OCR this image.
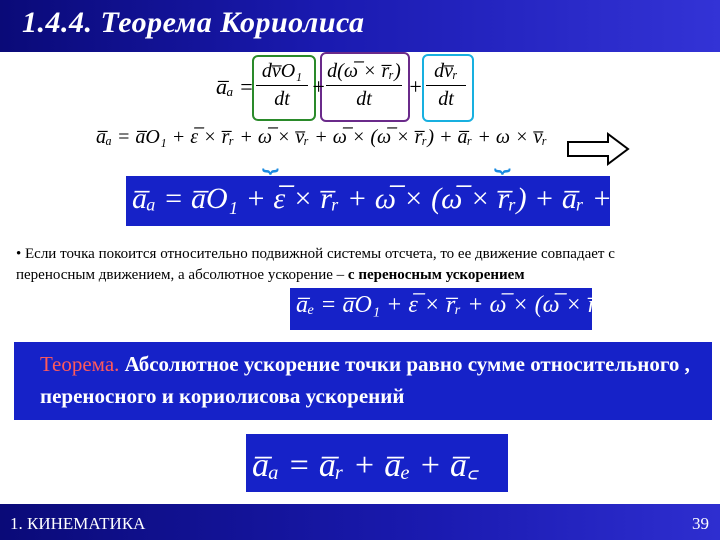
1.4.4. Теорема Кориолиса
a̅ₐ = $\frac{\text{dv̅O₁}}{dt} + \frac{\text{d(ω̅ × r̅ᵣ)}}{dt} + \frac{\text{dv̅ᵣ}}{dt}$
a̅ₐ = a̅O₁ + ε̅ × r̅ᵣ + ω̅ × v̅ᵣ + ω̅ × (ω̅ × r̅ᵣ) + a̅ᵣ + ω × v̅ᵣ
⏟	⏟
a̅ₐ = a̅O₁ + ε̅ × r̅ᵣ + ω̅ × (ω̅ × r̅ᵣ) + a̅ᵣ + 2ω̅ × v̅ᵣ
• Если точка покоится относительно подвижной системы отсчета, то ее движение совпадает с переносным движением, а абсолютное ускорение – с переносным ускорением
a̅ₑ = a̅O₁ + ε̅ × r̅ᵣ + ω̅ × (ω̅ × r̅ᵣ)
Теорема. Абсолютное ускорение точки равно сумме относительного , переносного и кориолисова ускорений
a̅ₐ = a̅ᵣ + a̅ₑ + a̅꜀
1. КИНЕМАТИКА	39
